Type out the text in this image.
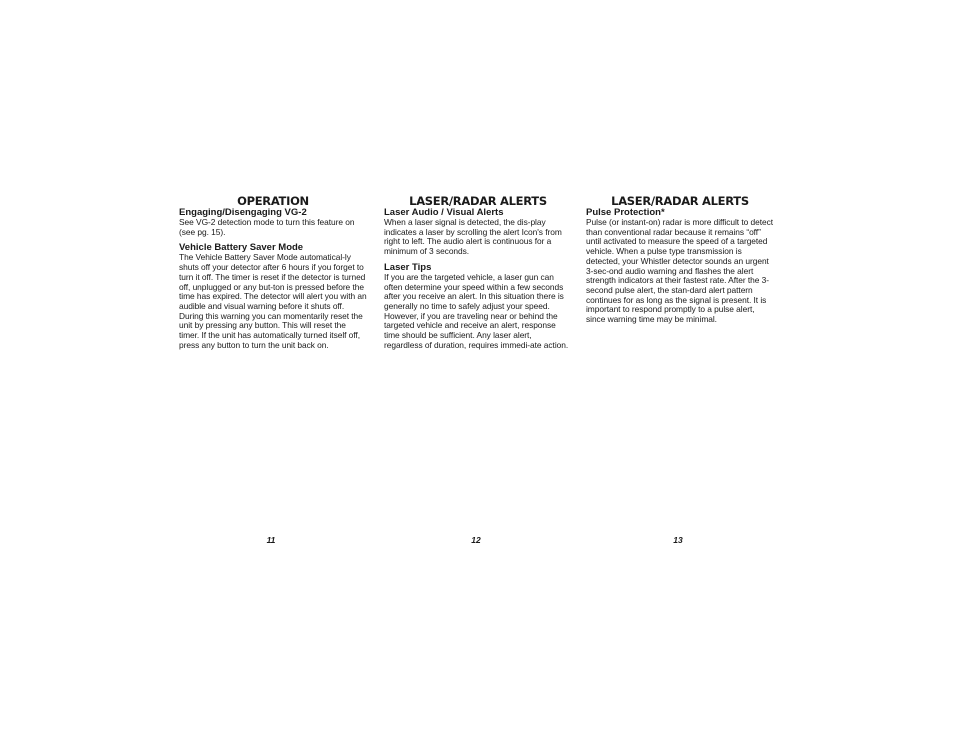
OPERATION
Engaging/Disengaging VG-2

See VG-2 detection mode to turn this feature on (see pg. 15).

Vehicle Battery Saver Mode

The Vehicle Battery Saver Mode automatical-ly shuts off your detector after 6 hours if you forget to turn it off. The timer is reset if the detector is turned off, unplugged or any but-ton is pressed before the time has expired. The detector will alert you with an audible and visual warning before it shuts off. During this warning you can momentarily reset the unit by pressing any button. This will reset the timer. If the unit has automatically turned itself off, press any button to turn the unit back on.

LASER/RADAR ALERTS
Laser Audio / Visual Alerts

When a laser signal is detected, the dis-play indicates a laser by scrolling the alert Icon's from right to left. The audio alert is continuous for a minimum of 3 seconds.

Laser Tips

If you are the targeted vehicle, a laser gun can often determine your speed within a few seconds after you receive an alert. In this situation there is generally no time to safely adjust your speed. However, if you are traveling near or behind the targeted vehicle and receive an alert, response time should be sufficient. Any laser alert, regardless of duration, requires immedi-ate action.

LASER/RADAR ALERTS
Pulse Protection*

Pulse (or instant-on) radar is more difficult to detect than conventional radar because it remains “off” until activated to measure the speed of a targeted vehicle. When a pulse type transmission is detected, your Whistler detector sounds an urgent 3-sec-ond audio warning and flashes the alert strength indicators at their fastest rate. After the 3-second pulse alert, the stan-dard alert pattern continues for as long as the signal is present. It is important to respond promptly to a pulse alert, since warning time may be minimal.

11	12	13
